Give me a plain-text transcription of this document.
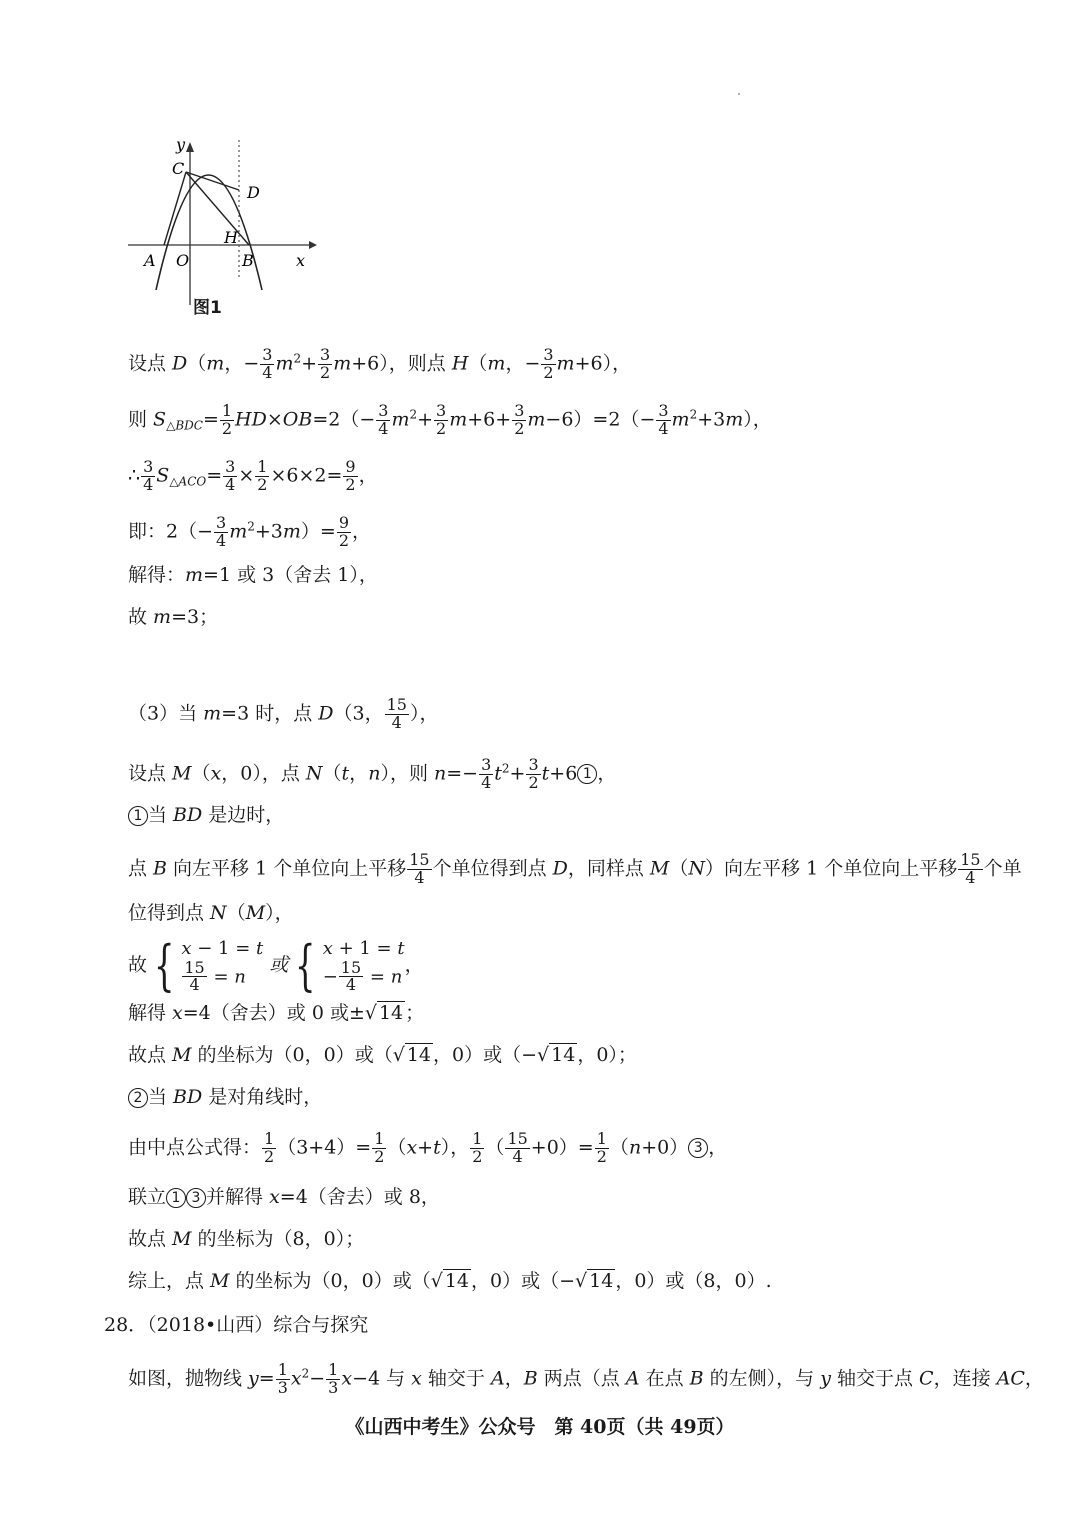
y
C
D
H
A O	B	x
图1
设点 D（m，− $\frac{3}{4} m^2+ \frac{3}{2} m+6$），则点 H（m，− $\frac{3}{2} m+6$），
则 $S_{\triangle BDC}= \frac{1}{2} HD\times OB=2(- \frac{3}{4} m^2+ \frac{3}{2} m+6+ \frac{3}{2} m-6)=2(- \frac{3}{4} m^2+3m)$，
∴ $\frac{3}{4} S_{\triangle ACO}= \frac{3}{4} \times \frac{1}{2} \times 6\times 2= \frac{9}{2}$ ，
即：$2(- \frac{3}{4} m^2+3m)= \frac{9}{2}$ ，
解得：m=1 或 3（舍去 1），
故 m=3；
（3）当 m=3 时，点 D（3， $\frac{15}{4}$ ），
设点 M（x，0），点 N（t，n），则 $n=- \frac{3}{4} t^2+ \frac{3}{2} t+6$ 1 ，
1 当 BD 是边时，
点 B 向左平移 1 个单位向上平移 $\frac{15}{4}$ 个单位得到点 D，同样点 M（N）向左平移 1 个单位向上平移 $\frac{15}{4}$ 个单
位得到点 N（M），
故 { x − 1 = t
$\frac{15}{4} = n$
或 { x + 1 = t
− $\frac{15}{4} = n$
，
解得 x=4（舍去）或 0 或±√ 14 ；
故点 M 的坐标为（0，0）或（√ 14 ，0）或（−√ 14 ，0）；
2 当 BD 是对角线时，
由中点公式得： $\frac{1}{2} (3+4)= \frac{1}{2} (x+t)$， $\frac{1}{2}$ （ $\frac{15}{4} +0)= \frac{1}{2} (n+0)$ 3 ，
联立 1 3 并解得 x=4（舍去）或 8，
故点 M 的坐标为（8，0）；
综上，点 M 的坐标为（0，0）或（√ 14 ，0）或（−√ 14 ，0）或（8，0）.
28．（2018•山西）综合与探究
如图，抛物线 $y= \frac{1}{3} x^2- \frac{1}{3} x-4$ 与 x 轴交于 A，B 两点（点 A 在点 B 的左侧），与 y 轴交于点 C，连接 AC，
《山西中考生》公众号　第 40页（共 49页）
